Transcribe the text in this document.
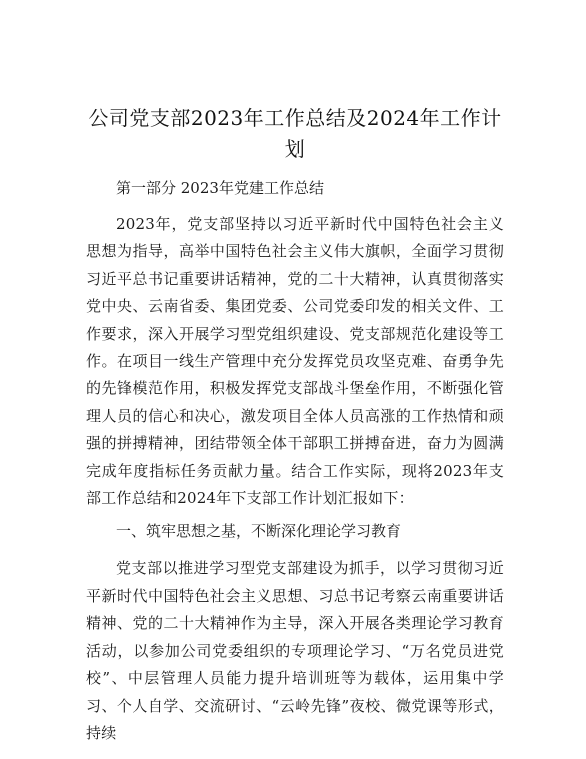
公司党支部2023年工作总结及2024年工作计划

第一部分 2023年党建工作总结

2023年，党支部坚持以习近平新时代中国特色社会主义思想为指导，高举中国特色社会主义伟大旗帜，全面学习贯彻习近平总书记重要讲话精神，党的二十大精神，认真贯彻落实党中央、云南省委、集团党委、公司党委印发的相关文件、工作要求，深入开展学习型党组织建设、党支部规范化建设等工作。在项目一线生产管理中充分发挥党员攻坚克难、奋勇争先的先锋模范作用，积极发挥党支部战斗堡垒作用，不断强化管理人员的信心和决心，激发项目全体人员高涨的工作热情和顽强的拼搏精神，团结带领全体干部职工拼搏奋进，奋力为圆满完成年度指标任务贡献力量。结合工作实际，现将2023年支部工作总结和2024年下支部工作计划汇报如下：

一、筑牢思想之基，不断深化理论学习教育

党支部以推进学习型党支部建设为抓手，以学习贯彻习近平新时代中国特色社会主义思想、习总书记考察云南重要讲话精神、党的二十大精神作为主导，深入开展各类理论学习教育活动，以参加公司党委组织的专项理论学习、“万名党员进党校”、中层管理人员能力提升培训班等为载体，运用集中学习、个人自学、交流研讨、“云岭先锋”夜校、微党课等形式，持续
